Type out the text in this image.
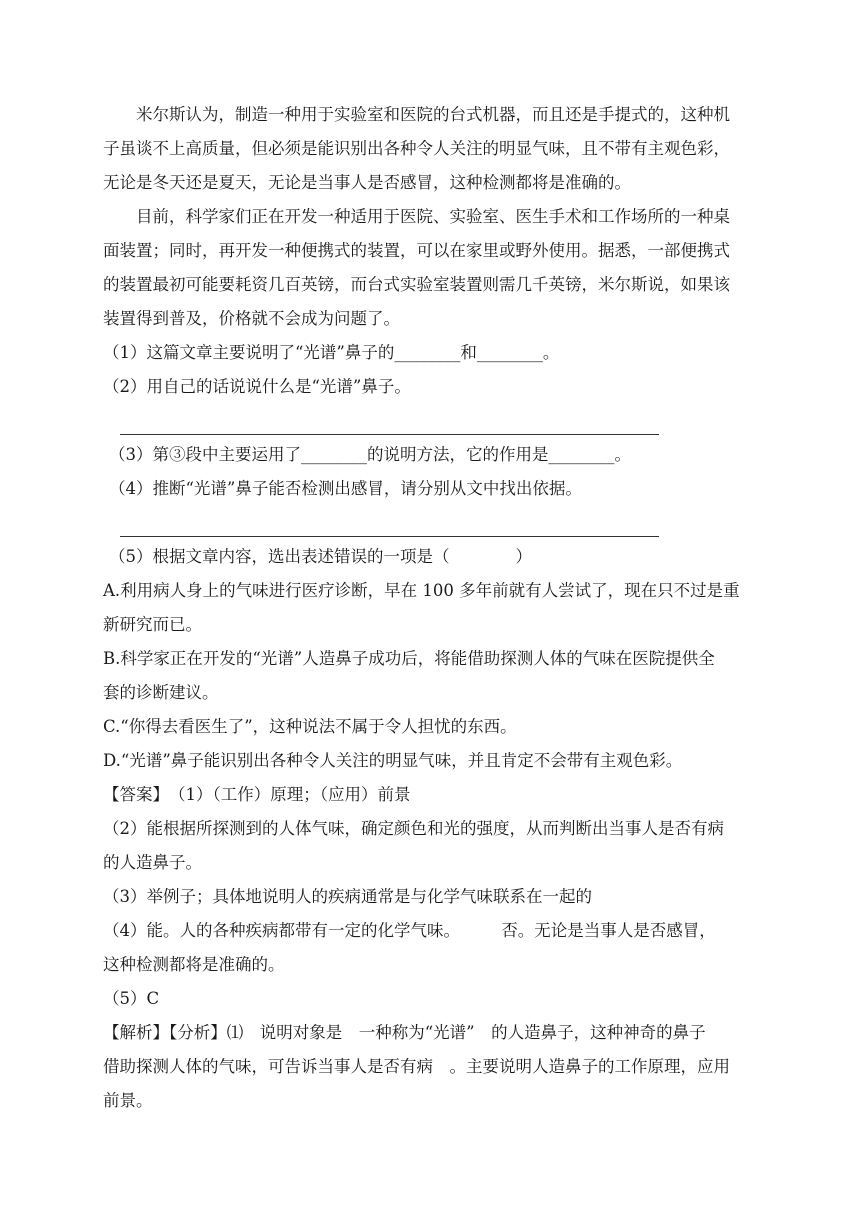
米尔斯认为，制造一种用于实验室和医院的台式机器，而且还是手提式的，这种机

子虽谈不上高质量，但必须是能识别出各种令人关注的明显气味，且不带有主观色彩，

无论是冬天还是夏天，无论是当事人是否感冒，这种检测都将是准确的。

目前，科学家们正在开发一种适用于医院、实验室、医生手术和工作场所的一种桌

面装置；同时，再开发一种便携式的装置，可以在家里或野外使用。据悉，一部便携式

的装置最初可能要耗资几百英镑，而台式实验室装置则需几千英镑，米尔斯说，如果该

装置得到普及，价格就不会成为问题了。

（1）这篇文章主要说明了“光谱”鼻子的________和________。

（2）用自己的话说说什么是“光谱”鼻子。

（3）第③段中主要运用了________的说明方法，它的作用是________。

（4）推断“光谱”鼻子能否检测出感冒，请分别从文中找出依据。

（5）根据文章内容，选出表述错误的一项是（　　　　）

A.利用病人身上的气味进行医疗诊断，早在 100 多年前就有人尝试了，现在只不过是重

新研究而已。

B.科学家正在开发的“光谱”人造鼻子成功后，将能借助探测人体的气味在医院提供全

套的诊断建议。

C.“你得去看医生了”，这种说法不属于令人担忧的东西。

D.“光谱”鼻子能识别出各种令人关注的明显气味，并且肯定不会带有主观色彩。

【答案】　（1）（工作）原理；（应用）前景

（2）能根据所探测到的人体气味，确定颜色和光的强度，从而判断出当事人是否有病

的人造鼻子。

（3）举例子；具体地说明人的疾病通常是与化学气味联系在一起的

（4）能。人的各种疾病都带有一定的化学气味。　　　否。无论是当事人是否感冒，

这种检测都将是准确的。

（5）C

【解析】【分析】⑴　说明对象是　一种称为“光谱”　的人造鼻子，这种神奇的鼻子

借助探测人体的气味，可告诉当事人是否有病　。主要说明人造鼻子的工作原理，应用

前景。
